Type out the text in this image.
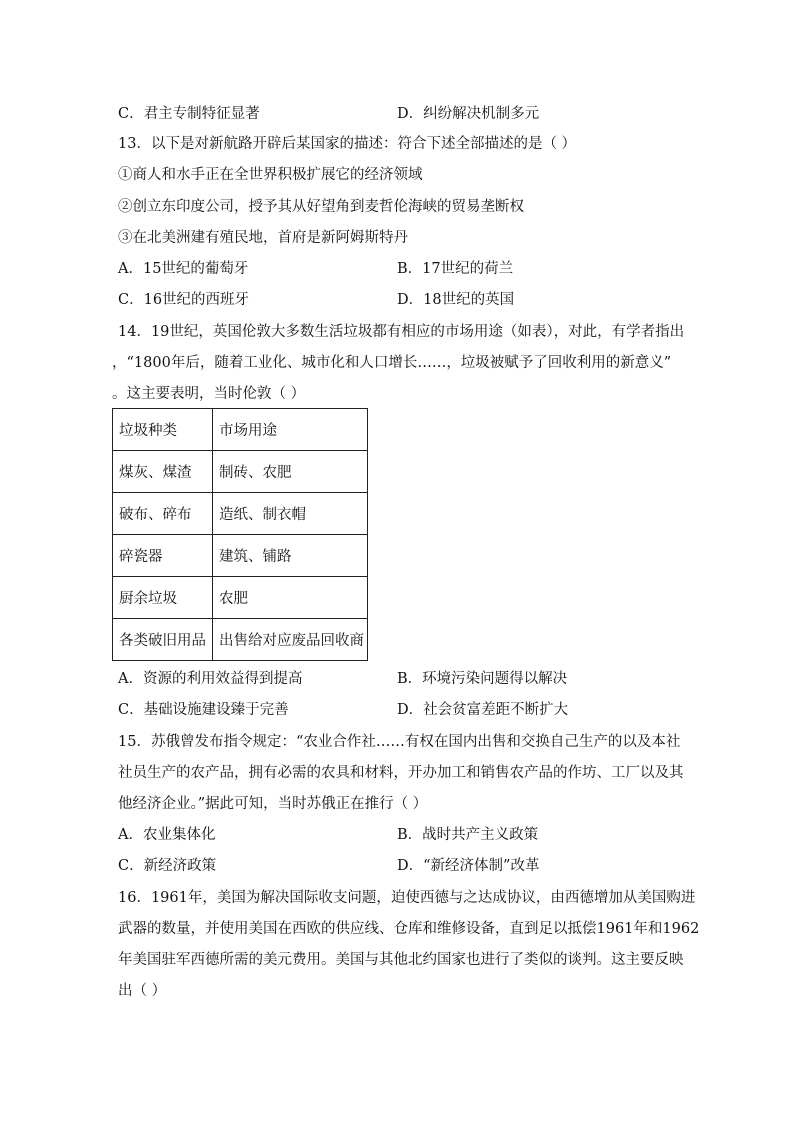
C．君主专制特征显著	D．纠纷解决机制多元
13．以下是对新航路开辟后某国家的描述：符合下述全部描述的是（ ）
①商人和水手正在全世界积极扩展它的经济领域
②创立东印度公司，授予其从好望角到麦哲伦海峡的贸易垄断权
③在北美洲建有殖民地，首府是新阿姆斯特丹
A．15世纪的葡萄牙	B．17世纪的荷兰
C．16世纪的西班牙	D．18世纪的英国
14．19世纪，英国伦敦大多数生活垃圾都有相应的市场用途（如表），对此，有学者指出
，“1800年后，随着工业化、城市化和人口增长……，垃圾被赋予了回收利用的新意义”
。这主要表明，当时伦敦（ ）
垃圾种类	市场用途
煤灰、煤渣	制砖、农肥
破布、碎布	造纸、制衣帽
碎瓷器	建筑、铺路
厨余垃圾	农肥
各类破旧用品	出售给对应废品回收商
A．资源的利用效益得到提高	B．环境污染问题得以解决
C．基础设施建设臻于完善	D．社会贫富差距不断扩大
15．苏俄曾发布指令规定：“农业合作社……有权在国内出售和交换自己生产的以及本社
社员生产的农产品，拥有必需的农具和材料，开办加工和销售农产品的作坊、工厂以及其
他经济企业。”据此可知，当时苏俄正在推行（ ）
A．农业集体化	B．战时共产主义政策
C．新经济政策	D．“新经济体制”改革
16．1961年，美国为解决国际收支问题，迫使西德与之达成协议，由西德增加从美国购进
武器的数量，并使用美国在西欧的供应线、仓库和维修设备，直到足以抵偿1961年和1962
年美国驻军西德所需的美元费用。美国与其他北约国家也进行了类似的谈判。这主要反映
出（ ）
